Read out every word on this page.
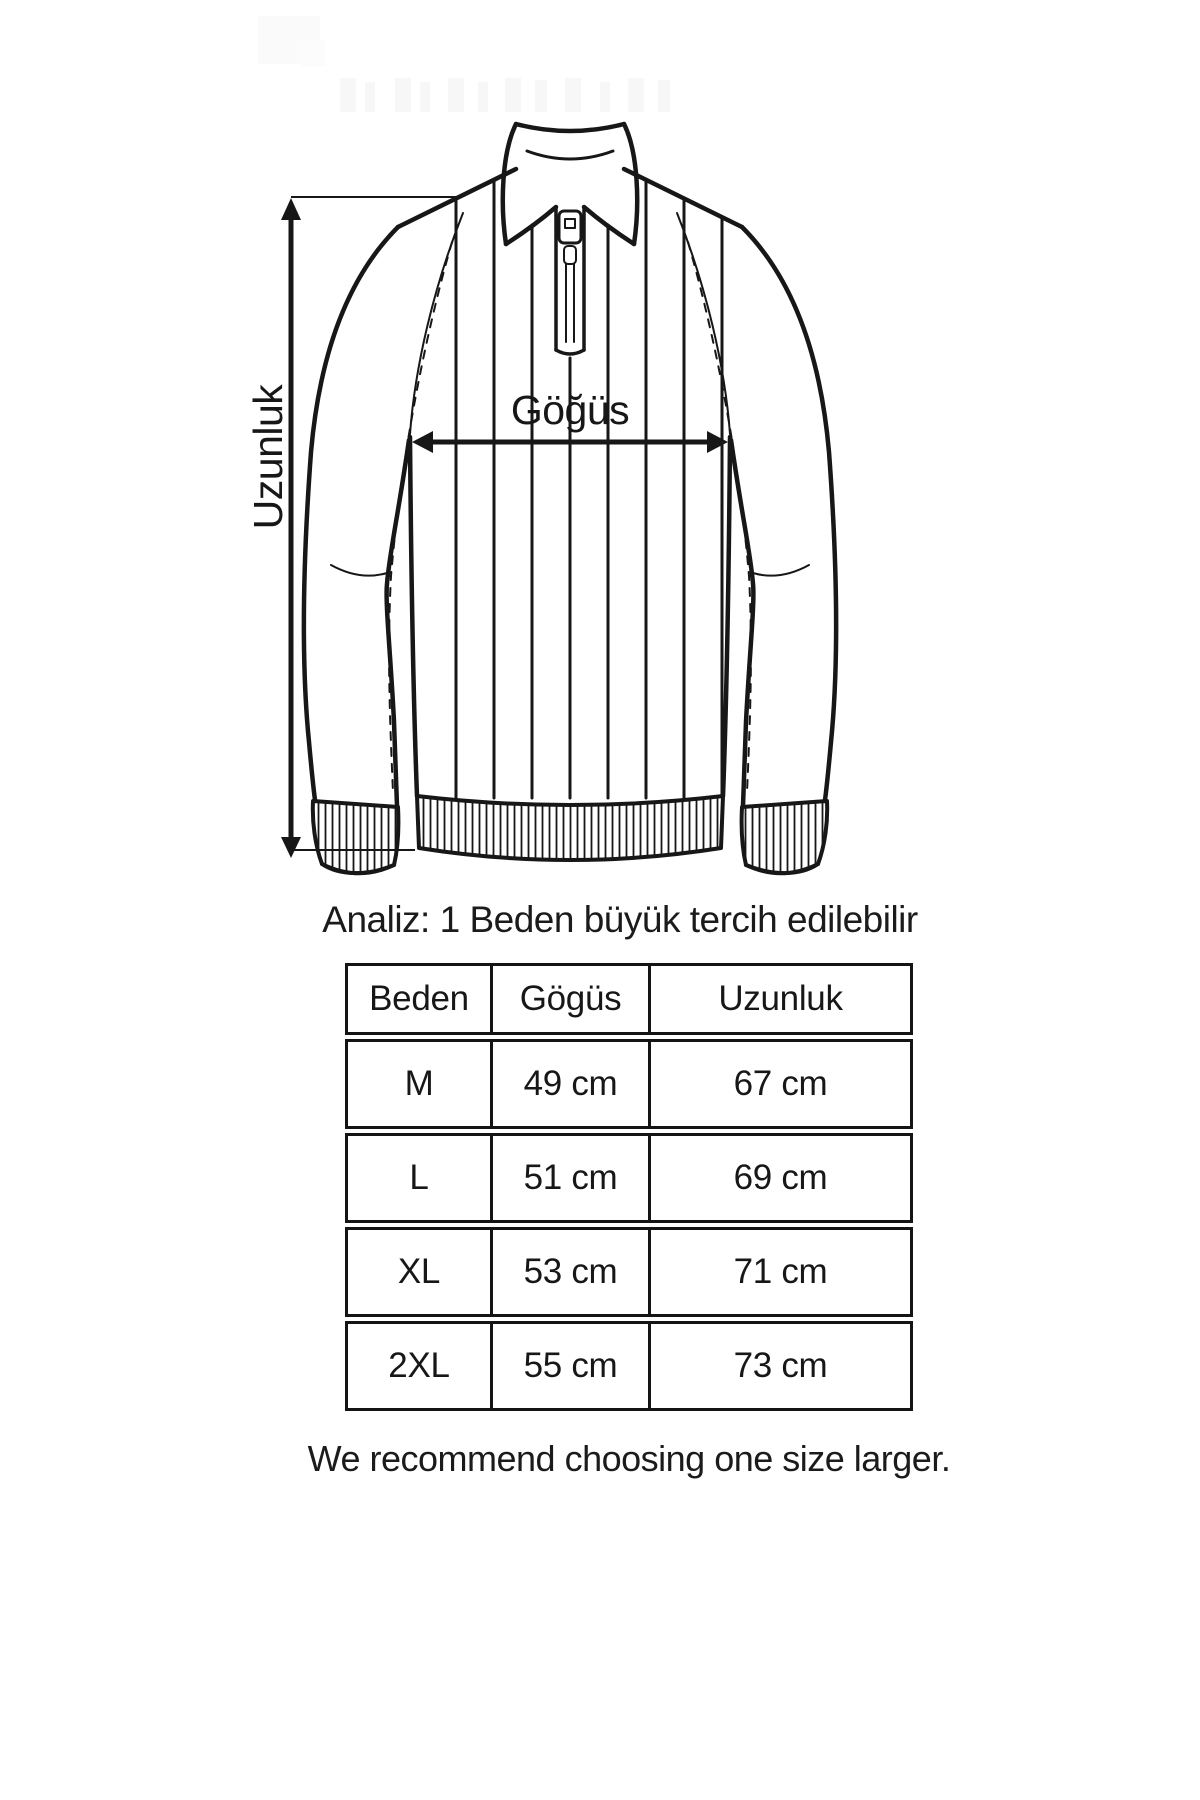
Göğüs
Uzunluk
Analiz: 1 Beden büyük tercih edilebilir
Beden	Gögüs	Uzunluk
M	49 cm	67 cm
L	51 cm	69 cm
XL	53 cm	71 cm
2XL	55 cm	73 cm
We recommend choosing one size larger.
